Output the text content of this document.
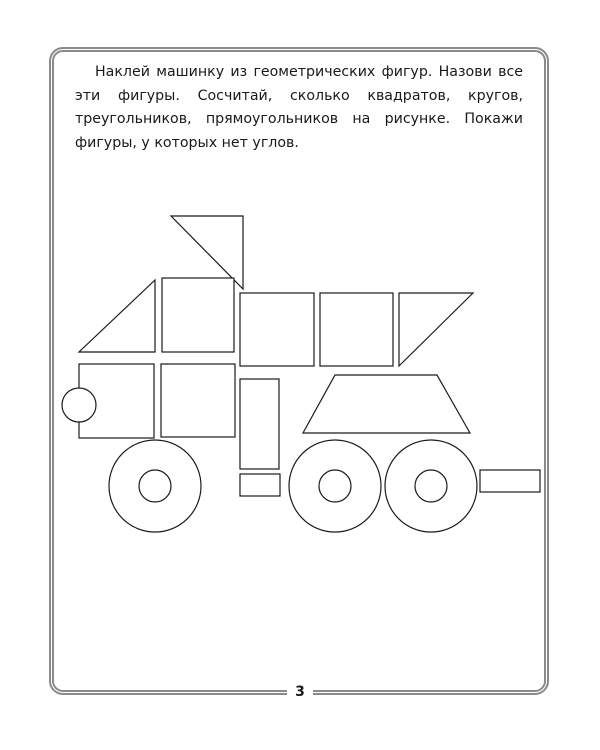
Наклей машинку из геометрических фигур. Назови все эти фигуры. Сосчитай, сколько квадратов, кругов, треугольников, прямоугольников на рисунке. Покажи фигуры, у которых нет углов.

3
